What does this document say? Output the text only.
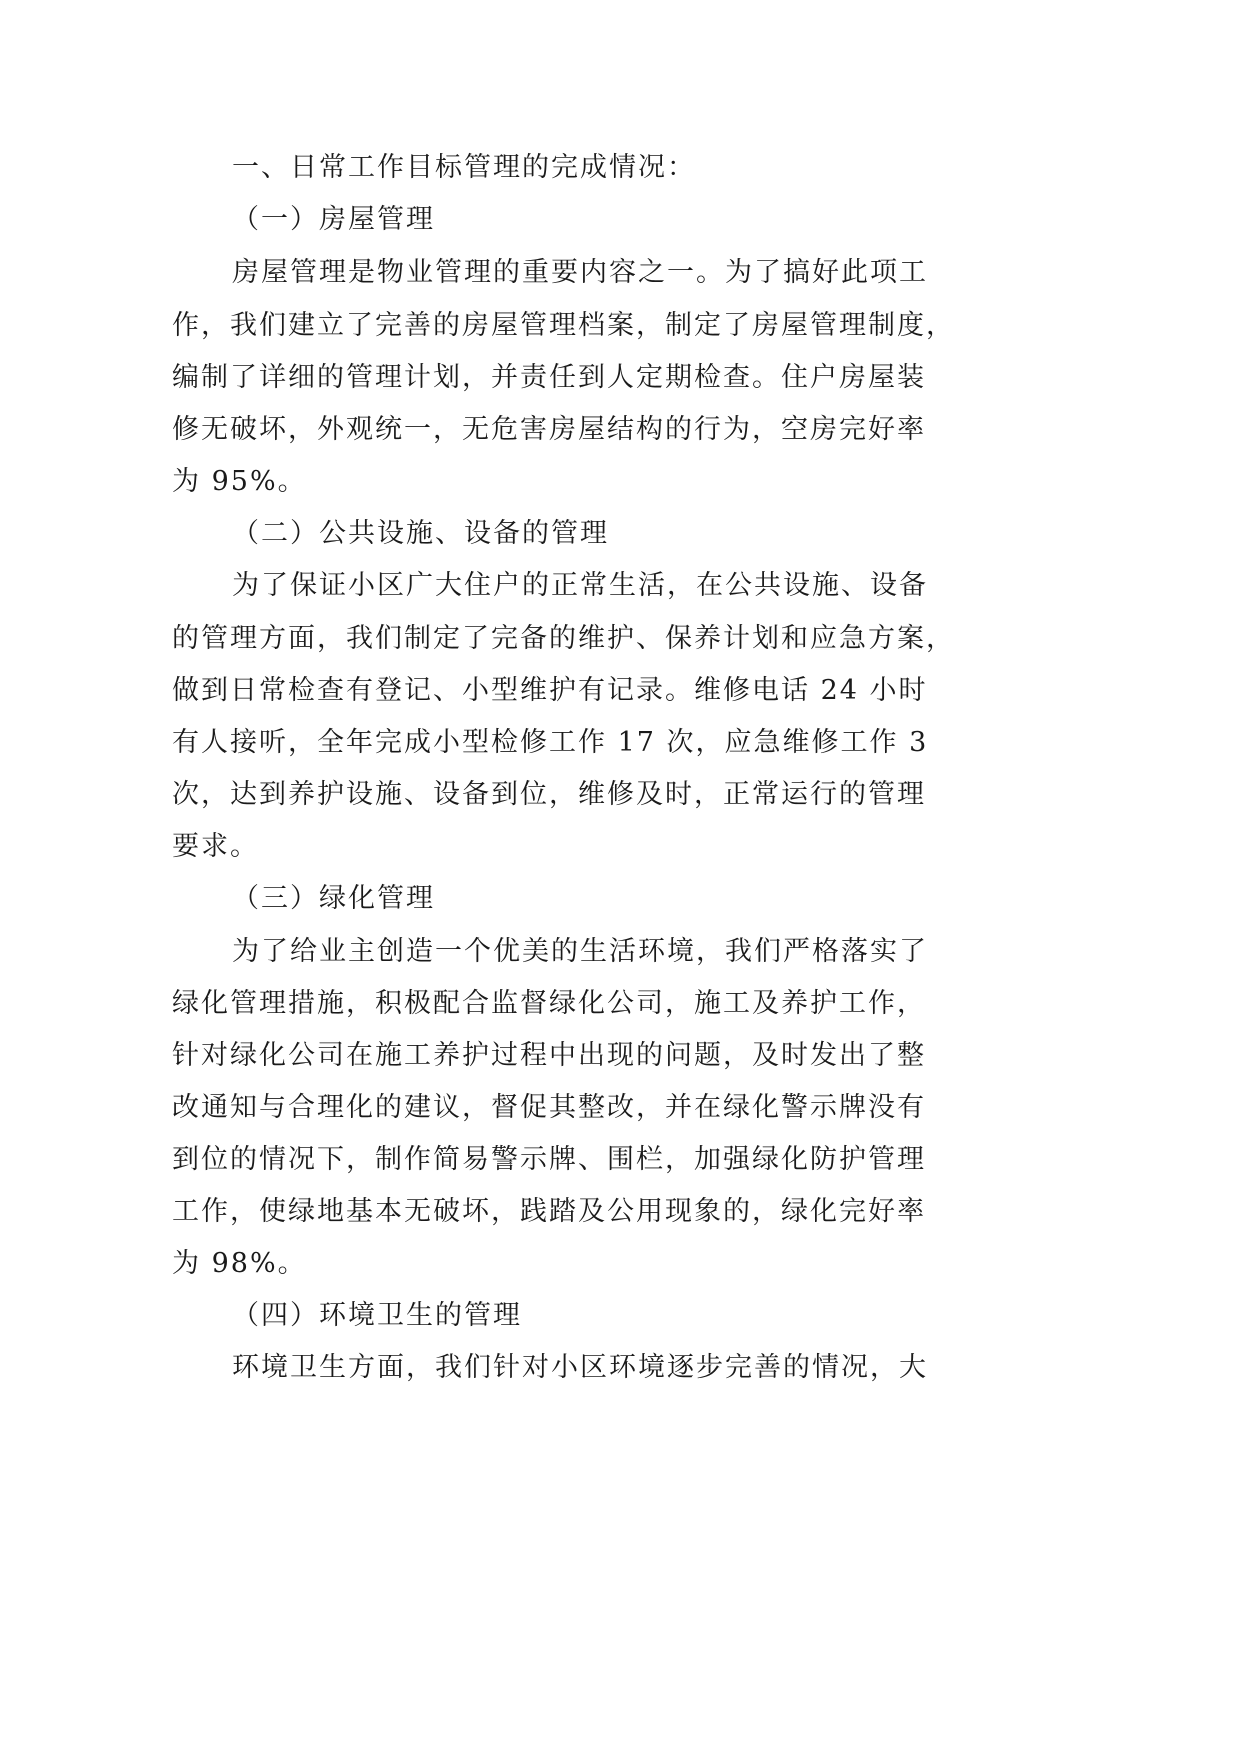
一、日常工作目标管理的完成情况：
（一）房屋管理
房屋管理是物业管理的重要内容之一。为了搞好此项工
作，我们建立了完善的房屋管理档案，制定了房屋管理制度，
编制了详细的管理计划，并责任到人定期检查。住户房屋装
修无破坏，外观统一，无危害房屋结构的行为，空房完好率
为 95%。
（二）公共设施、设备的管理
为了保证小区广大住户的正常生活，在公共设施、设备
的管理方面，我们制定了完备的维护、保养计划和应急方案，
做到日常检查有登记、小型维护有记录。维修电话 24 小时
有人接听，全年完成小型检修工作 17 次，应急维修工作 3
次，达到养护设施、设备到位，维修及时，正常运行的管理
要求。
（三）绿化管理
为了给业主创造一个优美的生活环境，我们严格落实了
绿化管理措施，积极配合监督绿化公司，施工及养护工作，
针对绿化公司在施工养护过程中出现的问题，及时发出了整
改通知与合理化的建议，督促其整改，并在绿化警示牌没有
到位的情况下，制作简易警示牌、围栏，加强绿化防护管理
工作，使绿地基本无破坏，践踏及公用现象的，绿化完好率
为 98%。
（四）环境卫生的管理
环境卫生方面，我们针对小区环境逐步完善的情况，大
